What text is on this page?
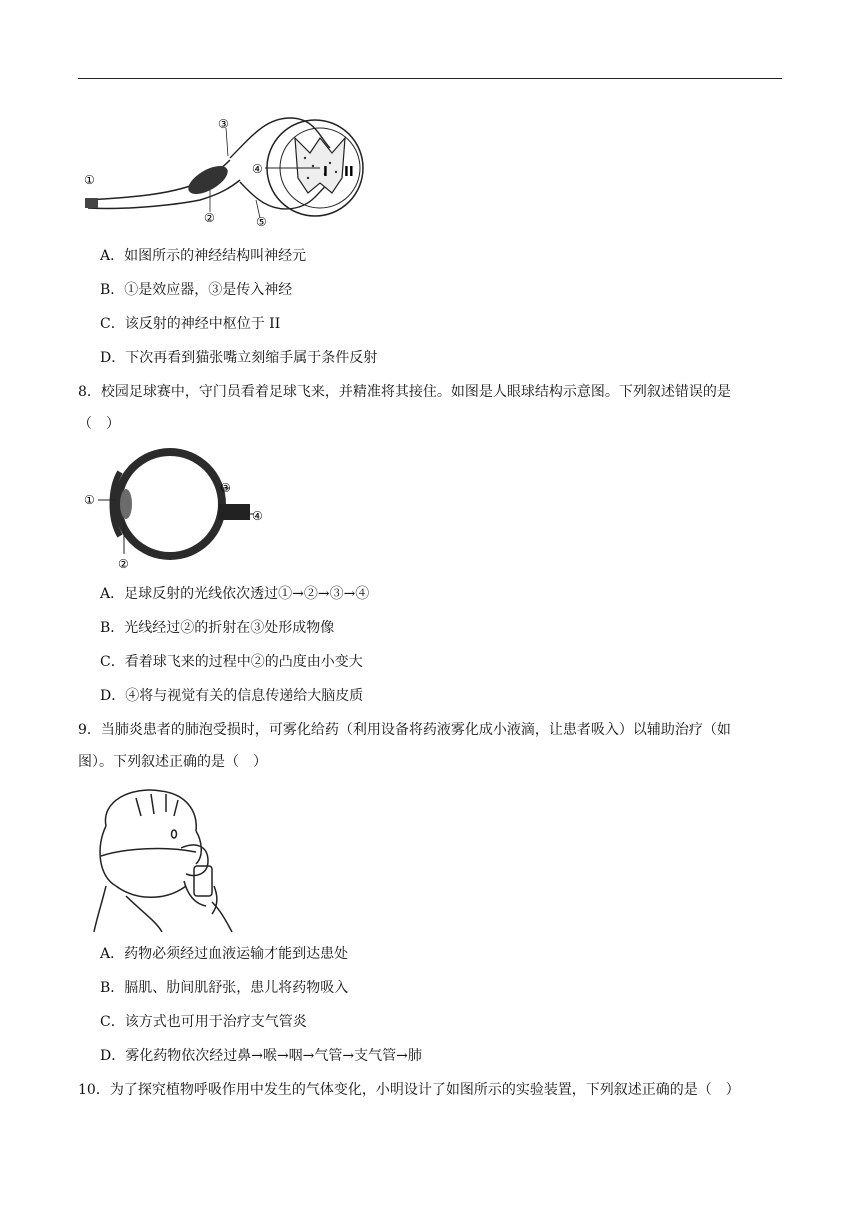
①
②
③
④
⑤
I II
A．如图所示的神经结构叫神经元
B．①是效应器，③是传入神经
C．该反射的神经中枢位于 II
D．下次再看到猫张嘴立刻缩手属于条件反射
8．校园足球赛中，守门员看着足球飞来，并精准将其接住。如图是人眼球结构示意图。下列叙述错误的是
（　）
①
②
③
④
A．足球反射的光线依次透过①→②→③→④
B．光线经过②的折射在③处形成物像
C．看着球飞来的过程中②的凸度由小变大
D．④将与视觉有关的信息传递给大脑皮质
9．当肺炎患者的肺泡受损时，可雾化给药（利用设备将药液雾化成小液滴，让患者吸入）以辅助治疗（如
图）。下列叙述正确的是（　）
A．药物必须经过血液运输才能到达患处
B．膈肌、肋间肌舒张，患儿将药物吸入
C．该方式也可用于治疗支气管炎
D．雾化药物依次经过鼻→喉→咽→气管→支气管→肺
10．为了探究植物呼吸作用中发生的气体变化，小明设计了如图所示的实验装置，下列叙述正确的是（　）
